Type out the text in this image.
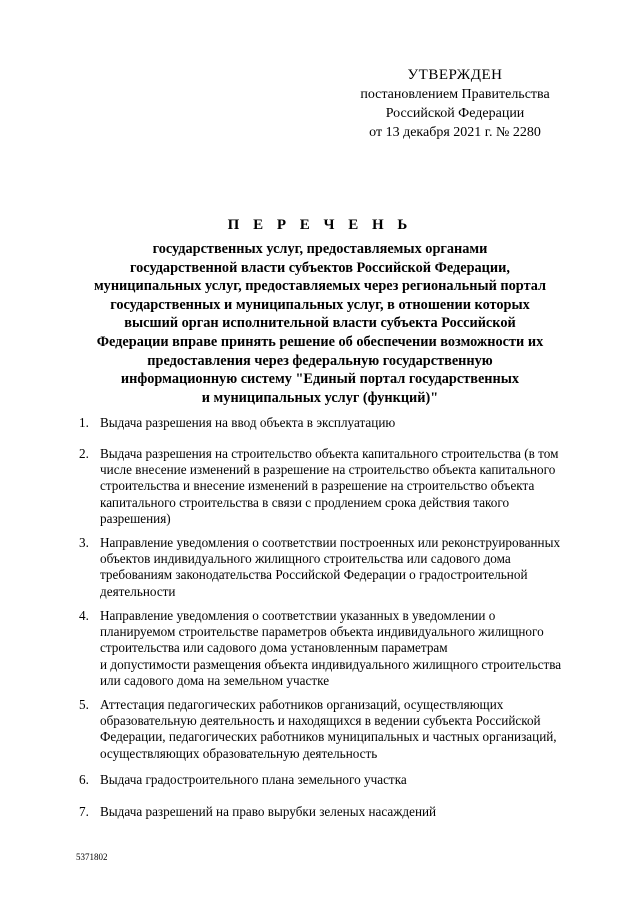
УТВЕРЖДЕН
постановлением Правительства
Российской Федерации
от 13 декабря 2021 г. № 2280
П Е Р Е Ч Е Н Ь
государственных услуг, предоставляемых органами
государственной власти субъектов Российской Федерации,
муниципальных услуг, предоставляемых через региональный портал
государственных и муниципальных услуг, в отношении которых
высший орган исполнительной власти субъекта Российской
Федерации вправе принять решение об обеспечении возможности их
предоставления через федеральную государственную
информационную систему "Единый портал государственных
и муниципальных услуг (функций)"
1. Выдача разрешения на ввод объекта в эксплуатацию
2. Выдача разрешения на строительство объекта капитального строительства (в том
числе внесение изменений в разрешение на строительство объекта капитального
строительства и внесение изменений в разрешение на строительство объекта
капитального строительства в связи с продлением срока действия такого
разрешения)
3. Направление уведомления о соответствии построенных или реконструированных
объектов индивидуального жилищного строительства или садового дома
требованиям законодательства Российской Федерации о градостроительной
деятельности
4. Направление уведомления о соответствии указанных в уведомлении о
планируемом строительстве параметров объекта индивидуального жилищного
строительства или садового дома установленным параметрам
и допустимости размещения объекта индивидуального жилищного строительства
или садового дома на земельном участке
5. Аттестация педагогических работников организаций, осуществляющих
образовательную деятельность и находящихся в ведении субъекта Российской
Федерации, педагогических работников муниципальных и частных организаций,
осуществляющих образовательную деятельность
6. Выдача градостроительного плана земельного участка
7. Выдача разрешений на право вырубки зеленых насаждений
5371802
